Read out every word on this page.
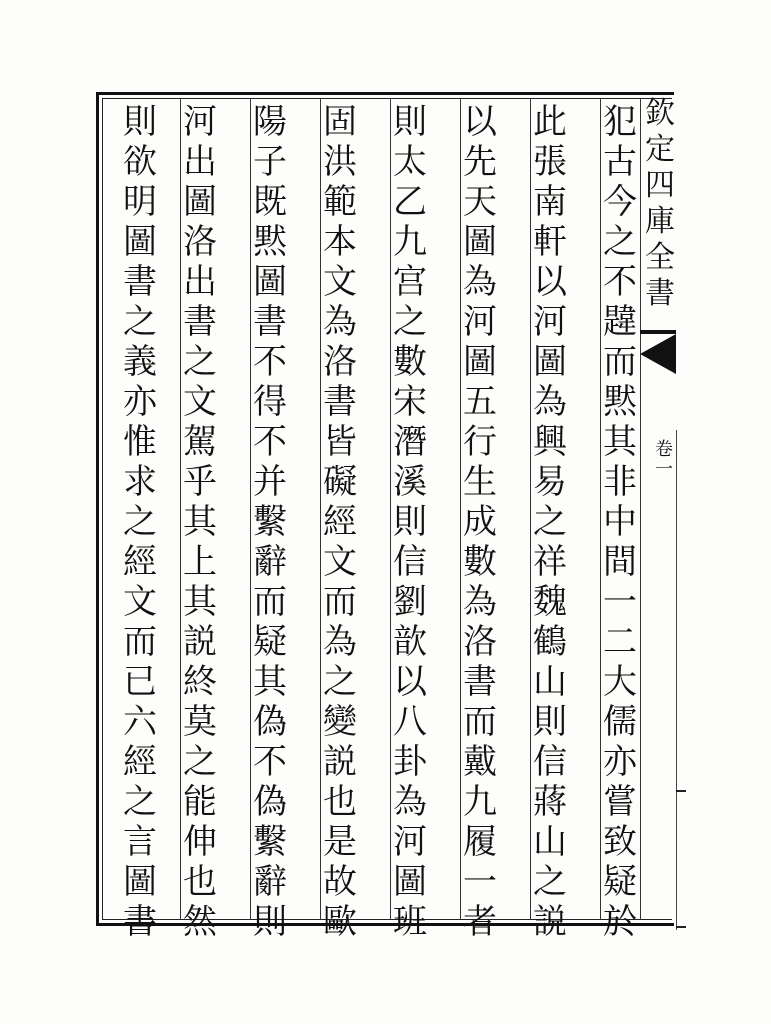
犯
古
今
之
不
韙
而
黙
其
非
中
間
一
二
大
儒
亦
嘗
致
疑
於
此
張
南
軒
以
河
圖
為
興
易
之
祥
魏
鶴
山
則
信
蔣
山
之
説
以
先
天
圖
為
河
圖
五
行
生
成
數
為
洛
書
而
戴
九
履
一
者
則
太
乙
九
宫
之
數
宋
潛
溪
則
信
劉
歆
以
八
卦
為
河
圖
班
固
洪
範
本
文
為
洛
書
皆
礙
經
文
而
為
之
變
説
也
是
故
歐
陽
子
既
黙
圖
書
不
得
不
并
繫
辭
而
疑
其
偽
不
偽
繫
辭
則
河
出
圖
洛
出
書
之
文
駕
乎
其
上
其
説
終
莫
之
能
伸
也
然
則
欲
明
圖
書
之
義
亦
惟
求
之
經
文
而
已
六
經
之
言
圖
書
欽
定
四
庫
全
書
卷
一
